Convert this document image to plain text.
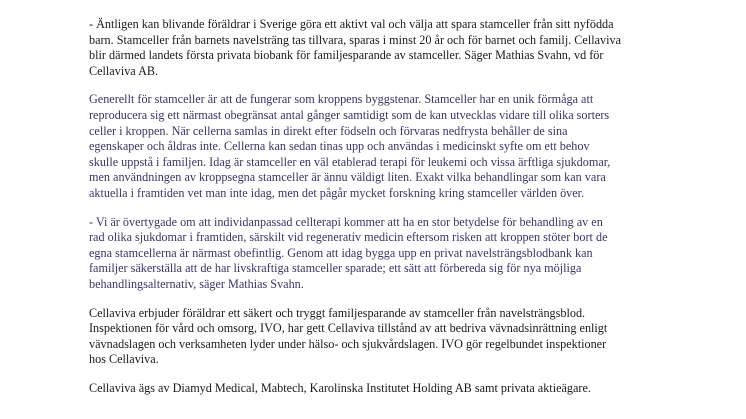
- Äntligen kan blivande föräldrar i Sverige göra ett aktivt val och välja att spara stamceller från sitt nyfödda
barn. Stamceller från barnets navelsträng tas tillvara, sparas i minst 20 år och för barnet och familj. Cellaviva
blir därmed landets första privata biobank för familjesparande av stamceller. Säger Mathias Svahn, vd för
Cellaviva AB.

Generellt för stamceller är att de fungerar som kroppens byggstenar. Stamceller har en unik förmåga att
reproducera sig ett närmast obegränsat antal gånger samtidigt som de kan utvecklas vidare till olika sorters
celler i kroppen. När cellerna samlas in direkt efter födseln och förvaras nedfrysta behåller de sina
egenskaper och åldras inte. Cellerna kan sedan tinas upp och användas i medicinskt syfte om ett behov
skulle uppstå i familjen. Idag är stamceller en väl etablerad terapi för leukemi och vissa ärftliga sjukdomar,
men användningen av kroppsegna stamceller är ännu väldigt liten. Exakt vilka behandlingar som kan vara
aktuella i framtiden vet man inte idag, men det pågår mycket forskning kring stamceller världen över.

- Vi är övertygade om att individanpassad cellterapi kommer att ha en stor betydelse för behandling av en
rad olika sjukdomar i framtiden, särskilt vid regenerativ medicin eftersom risken att kroppen stöter bort de
egna stamcellerna är närmast obefintlig. Genom att idag bygga upp en privat navelsträngsblodbank kan
familjer säkerställa att de har livskraftiga stamceller sparade; ett sätt att förbereda sig för nya möjliga
behandlingsalternativ, säger Mathias Svahn.

Cellaviva erbjuder föräldrar ett säkert och tryggt familjesparande av stamceller från navelsträngsblod.
Inspektionen för vård och omsorg, IVO, har gett Cellaviva tillstånd av att bedriva vävnadsinrättning enligt
vävnadslagen och verksamheten lyder under hälso- och sjukvårdslagen. IVO gör regelbundet inspektioner
hos Cellaviva.

Cellaviva ägs av Diamyd Medical, Mabtech, Karolinska Institutet Holding AB samt privata aktieägare.
